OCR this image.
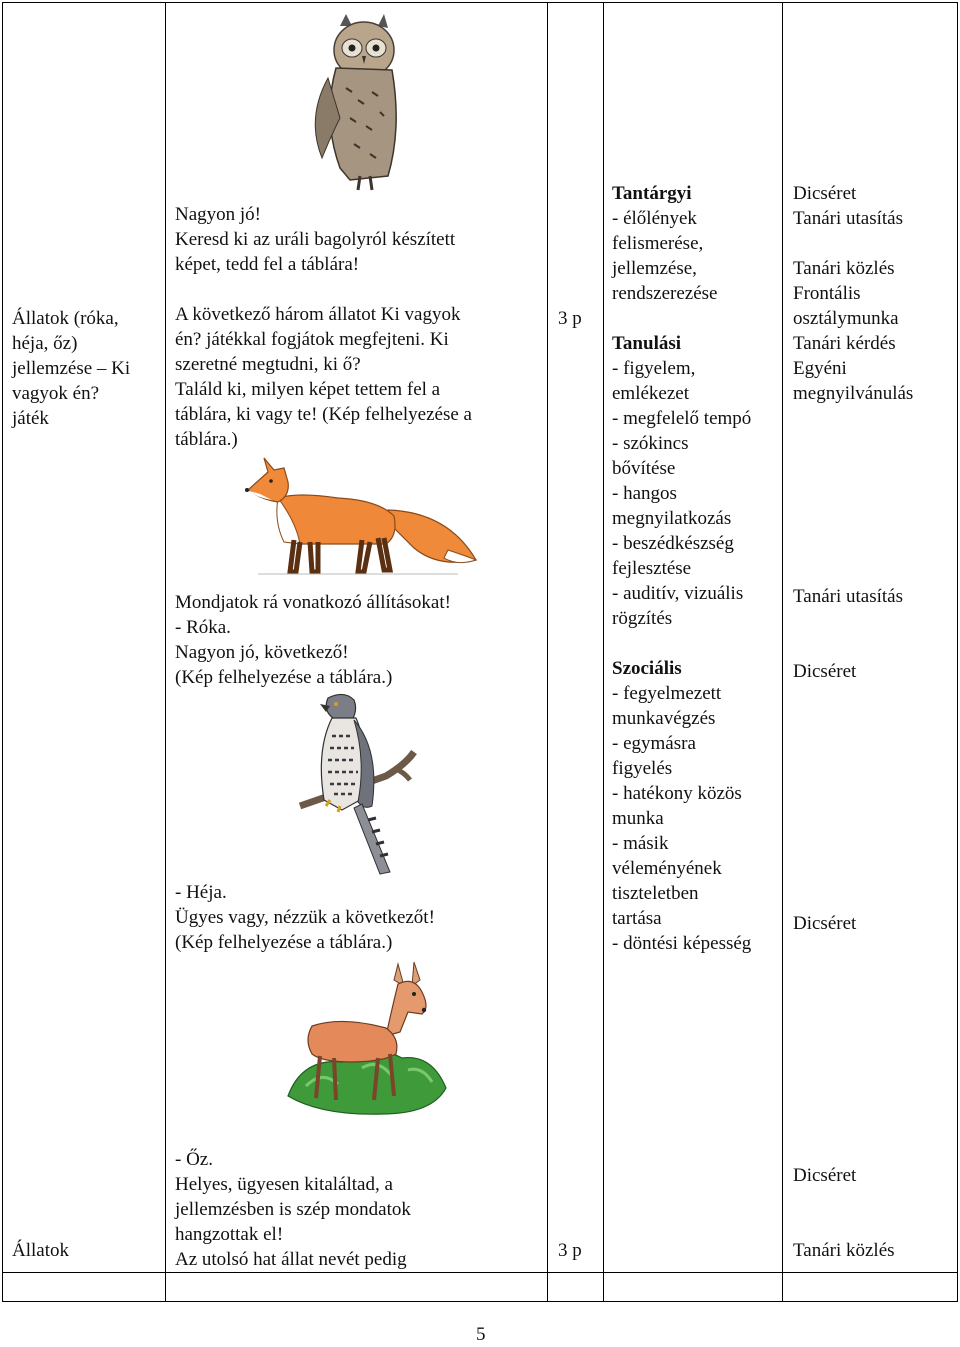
Állatok (róka,
héja, őz)
jellemzése – Ki
vagyok én?
játék
Nagyon jó!
Keresd ki az uráli bagolyról készített
képet, tedd fel a táblára!
A következő három állatot Ki vagyok
én? játékkal fogjátok megfejteni. Ki
szeretné megtudni, ki ő?
Találd ki, milyen képet tettem fel a
táblára, ki vagy te! (Kép felhelyezése a
táblára.)
Mondjatok rá vonatkozó állításokat!
- Róka.
Nagyon jó, következő!
(Kép felhelyezése a táblára.)
- Héja.
Ügyes vagy, nézzük a következőt!
(Kép felhelyezése a táblára.)
3 p
Tantárgyi
- élőlények
felismerése,
jellemzése,
rendszerezése
Tanulási
- figyelem,
emlékezet
- megfelelő tempó
- szókincs
bővítése
- hangos
megnyilatkozás
- beszédkészség
fejlesztése
- auditív, vizuális
rögzítés
Szociális
- fegyelmezett
munkavégzés
- egymásra
figyelés
- hatékony közös
munka
- másik
véleményének
tiszteletben
tartása
- döntési képesség
Dicséret
Tanári utasítás
Tanári közlés
Frontális
osztálymunka
Tanári kérdés
Egyéni
megnyilvánulás
Tanári utasítás
Dicséret
Dicséret
Állatok
- Őz.
Helyes, ügyesen kitaláltad, a
jellemzésben is szép mondatok
hangzottak el!
Az utolsó hat állat nevét pedig	3 p
Dicséret
Tanári közlés
5
